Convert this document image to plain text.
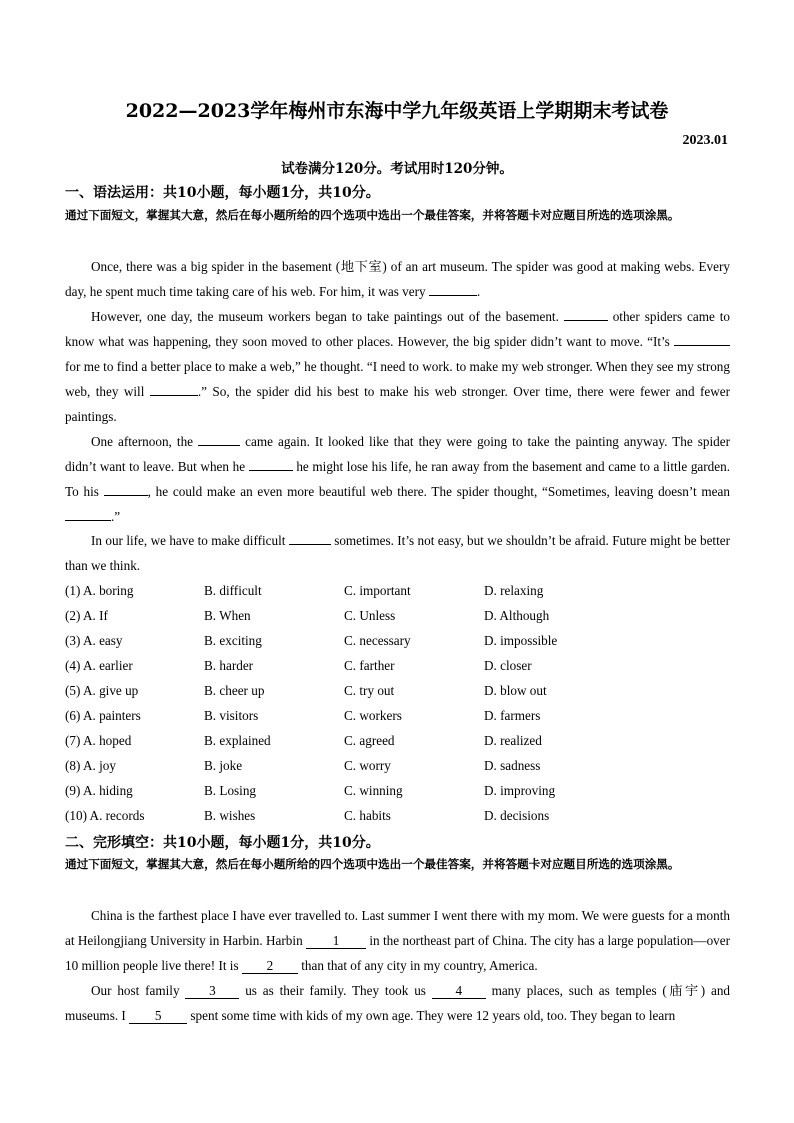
2022—2023学年梅州市东海中学九年级英语上学期期末考试卷
2023.01
试卷满分120分。考试用时120分钟。
一、语法运用：共10小题，每小题1分，共10分。
通过下面短文，掌握其大意，然后在每小题所给的四个选项中选出一个最佳答案，并将答题卡对应题目所选的选项涂黑。
Once, there was a big spider in the basement (地下室) of an art museum. The spider was good at making webs. Every day, he spent much time taking care of his web. For him, it was very	.
However, one day, the museum workers began to take paintings out of the basement.	other spiders came to know what was happening, they soon moved to other places. However, the big spider didn’t want to move. “It’s  for me to find a better place to make a web,” he thought. “I need to work. to make my web stronger. When they see my strong web, they will	.” So, the spider did his best to make his web stronger. Over time, there were fewer and fewer paintings.
One afternoon, the	came again. It looked like that they were going to take the painting anyway. The spider didn’t want to leave. But when he	he might lose his life, he ran away from the basement and came to a little garden. To his	, he could make an even more beautiful web there. The spider thought, “Sometimes, leaving doesn’t mean .”
In our life, we have to make difficult	sometimes. It’s not easy, but we shouldn’t be afraid. Future might be better than we think.
(1) A. boring	B. difficult	C. important	D. relaxing
(2) A. If	B. When	C. Unless	D. Although
(3) A. easy	B. exciting	C. necessary	D. impossible
(4) A. earlier	B. harder	C. farther	D. closer
(5) A. give up	B. cheer up	C. try out	D. blow out
(6) A. painters	B. visitors	C. workers	D. farmers
(7) A. hoped	B. explained	C. agreed	D. realized
(8) A. joy	B. joke	C. worry	D. sadness
(9) A. hiding	B. Losing	C. winning	D. improving
(10) A. records	B. wishes	C. habits	D. decisions
二、完形填空：共10小题，每小题1分，共10分。
通过下面短文，掌握其大意，然后在每小题所给的四个选项中选出一个最佳答案，并将答题卡对应题目所选的选项涂黑。
China is the farthest place I have ever travelled to. Last summer I went there with my mom. We were guests for a month at Heilongjiang University in Harbin. Harbin 1 in the northeast part of China. The city has a large population—over 10 million people live there! It is 2 than that of any city in my country, America.
Our host family 3 us as their family. They took us 4 many places, such as temples (庙宇) and museums. I 5 spent some time with kids of my own age. They were 12 years old, too. They began to learn
